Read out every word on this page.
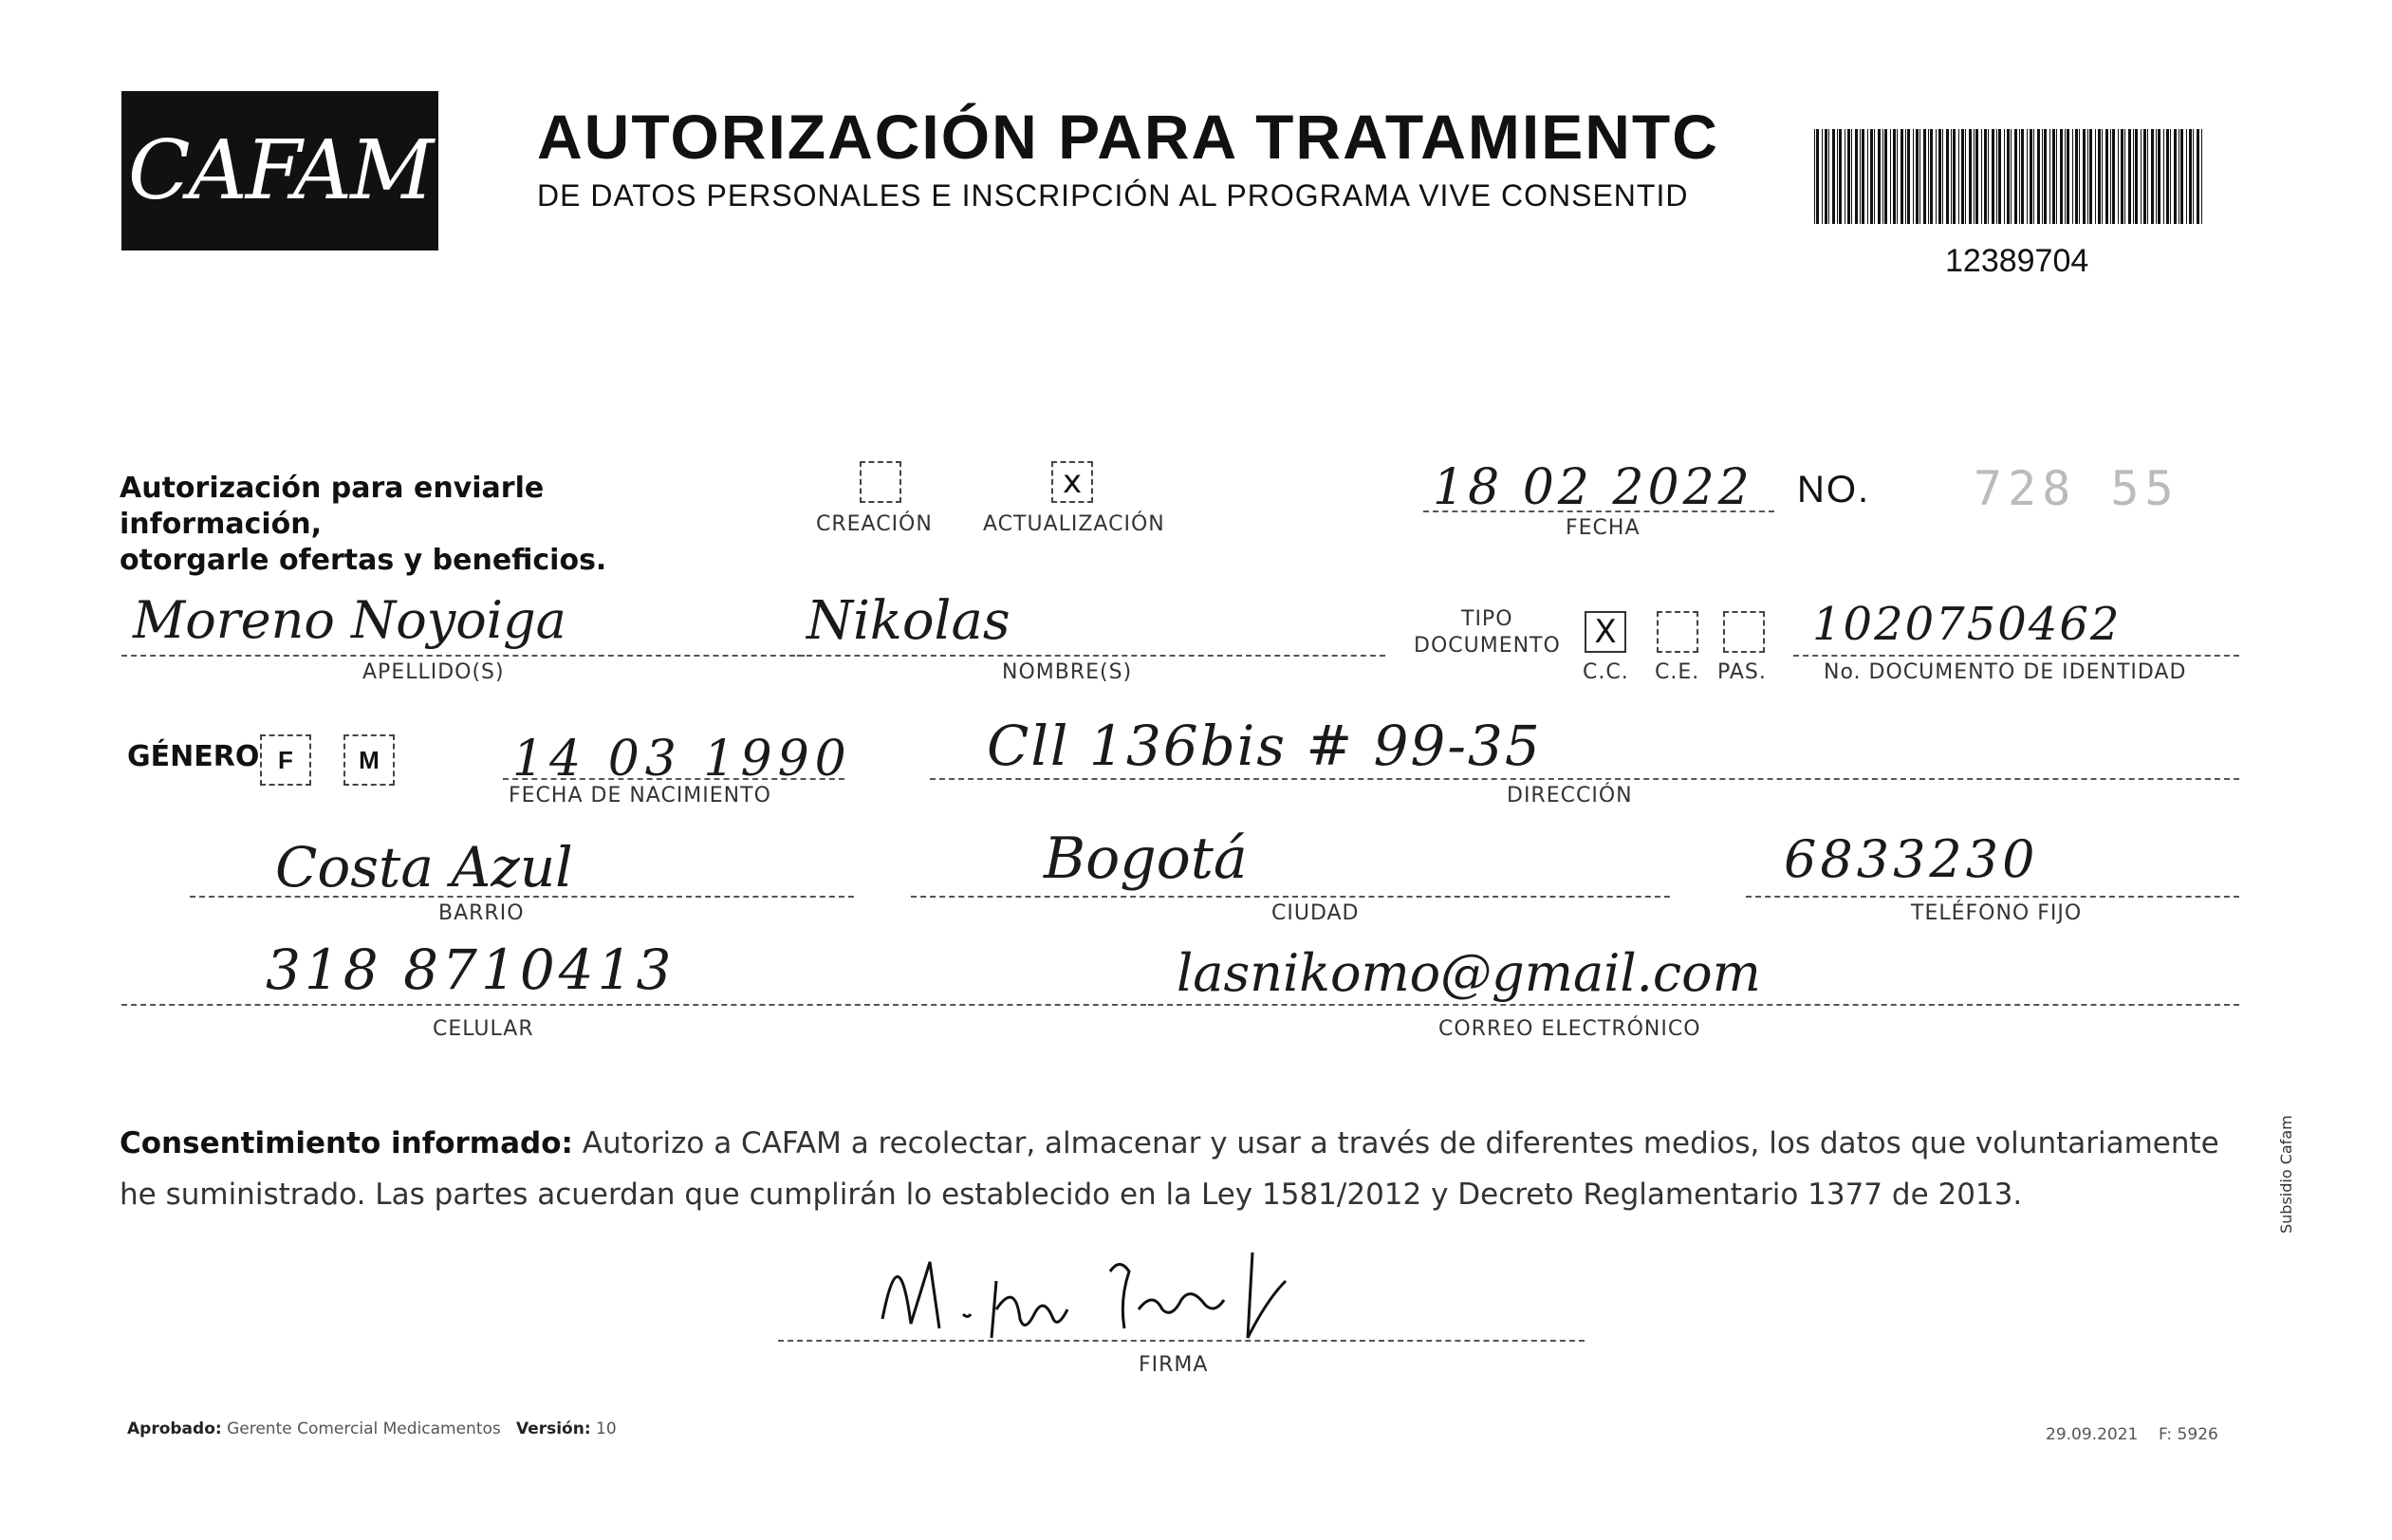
CAFAM AUTORIZACIÓN PARA TRATAMIENTC
DE DATOS PERSONALES E INSCRIPCIÓN AL PROGRAMA VIVE CONSENTID
12389704
Autorización para enviarle información,
otorgarle ofertas y beneficios.
CREACIÓN
x
ACTUALIZACIÓN
18 02 2022
FECHA
NO. 728 55
Moreno Noyoiga
APELLIDO(S)
Nikolas
NOMBRE(S)
TIPO
DOCUMENTO	X
C.C. C.E. PAS.
1020750462
No. DOCUMENTO DE IDENTIDAD
GÉNERO F	M	14 03 1990
FECHA DE NACIMIENTO
Cll 136bis # 99-35
DIRECCIÓN
Costa Azul
BARRIO
Bogotá
CIUDAD
6833230
TELÉFONO FIJO
318 8710413
CELULAR
lasnikomo@gmail.com
CORREO ELECTRÓNICO
Consentimiento informado: Autorizo a CAFAM a recolectar, almacenar y usar a través de diferentes medios, los datos que voluntariamente he suministrado. Las partes acuerdan que cumplirán lo establecido en la Ley 1581/2012 y Decreto Reglamentario 1377 de 2013.
FIRMA
Aprobado: Gerente Comercial Medicamentos Versión: 10	29.09.2021 F: 5926
Subsidio Cafam
